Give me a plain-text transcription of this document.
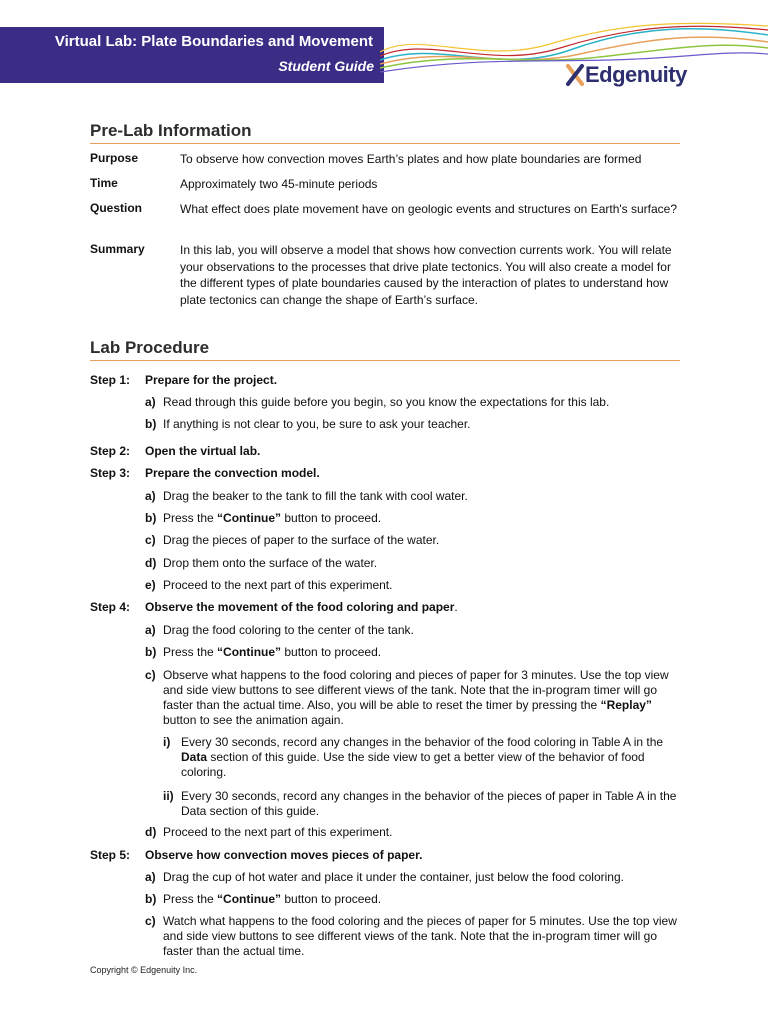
Virtual Lab: Plate Boundaries and Movement
Student Guide	Edgenuity
Pre-Lab Information
Purpose	To observe how convection moves Earth’s plates and how plate boundaries are formed
Time	Approximately two 45-minute periods
Question	What effect does plate movement have on geologic events and structures on Earth's surface?
Summary	In this lab, you will observe a model that shows how convection currents work. You will relate your observations to the processes that drive plate tectonics. You will also create a model for the different types of plate boundaries caused by the interaction of plates to understand how plate tectonics can change the shape of Earth’s surface.
Lab Procedure
Step 1: Prepare for the project.
a) Read through this guide before you begin, so you know the expectations for this lab.
b) If anything is not clear to you, be sure to ask your teacher.
Step 2: Open the virtual lab.
Step 3: Prepare the convection model.
a) Drag the beaker to the tank to fill the tank with cool water.
b) Press the “Continue” button to proceed.
c) Drag the pieces of paper to the surface of the water.
d) Drop them onto the surface of the water.
e) Proceed to the next part of this experiment.
Step 4: Observe the movement of the food coloring and paper.
a) Drag the food coloring to the center of the tank.
b) Press the “Continue” button to proceed.
c) Observe what happens to the food coloring and pieces of paper for 3 minutes. Use the top view and side view buttons to see different views of the tank. Note that the in-program timer will go faster than the actual time. Also, you will be able to reset the timer by pressing the “Replay” button to see the animation again.
i) Every 30 seconds, record any changes in the behavior of the food coloring in Table A in the Data section of this guide. Use the side view to get a better view of the behavior of food coloring.
ii) Every 30 seconds, record any changes in the behavior of the pieces of paper in Table A in the Data section of this guide.
d) Proceed to the next part of this experiment.
Step 5: Observe how convection moves pieces of paper.
a) Drag the cup of hot water and place it under the container, just below the food coloring.
b) Press the “Continue” button to proceed.
c) Watch what happens to the food coloring and the pieces of paper for 5 minutes. Use the top view and side view buttons to see different views of the tank. Note that the in-program timer will go faster than the actual time.
Copyright © Edgenuity Inc.
